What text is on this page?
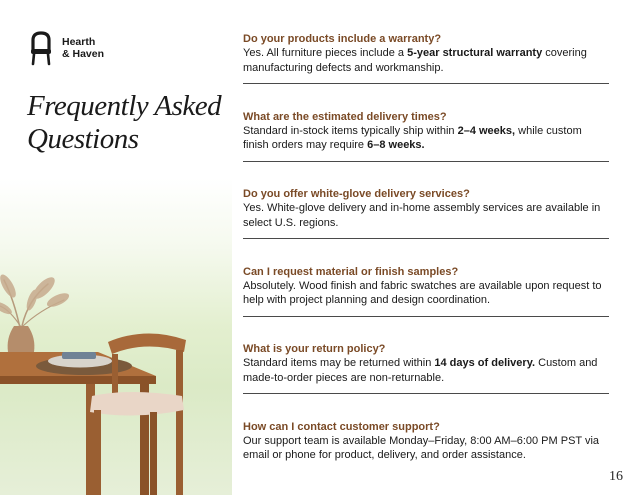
Hearth
& Haven
Frequently Asked
Questions
Do your products include a warranty?
Yes. All furniture pieces include a 5-year structural warranty covering manufacturing defects and workmanship.
What are the estimated delivery times?
Standard in-stock items typically ship within 2–4 weeks, while custom finish orders may require 6–8 weeks.
Do you offer white-glove delivery services?
Yes. White-glove delivery and in-home assembly services are available in select U.S. regions.
Can I request material or finish samples?
Absolutely. Wood finish and fabric swatches are available upon request to help with project planning and design coordination.
What is your return policy?
Standard items may be returned within 14 days of delivery. Custom and made-to-order pieces are non-returnable.
How can I contact customer support?
Our support team is available Monday–Friday, 8:00 AM–6:00 PM PST via email or phone for product, delivery, and order assistance.
16
